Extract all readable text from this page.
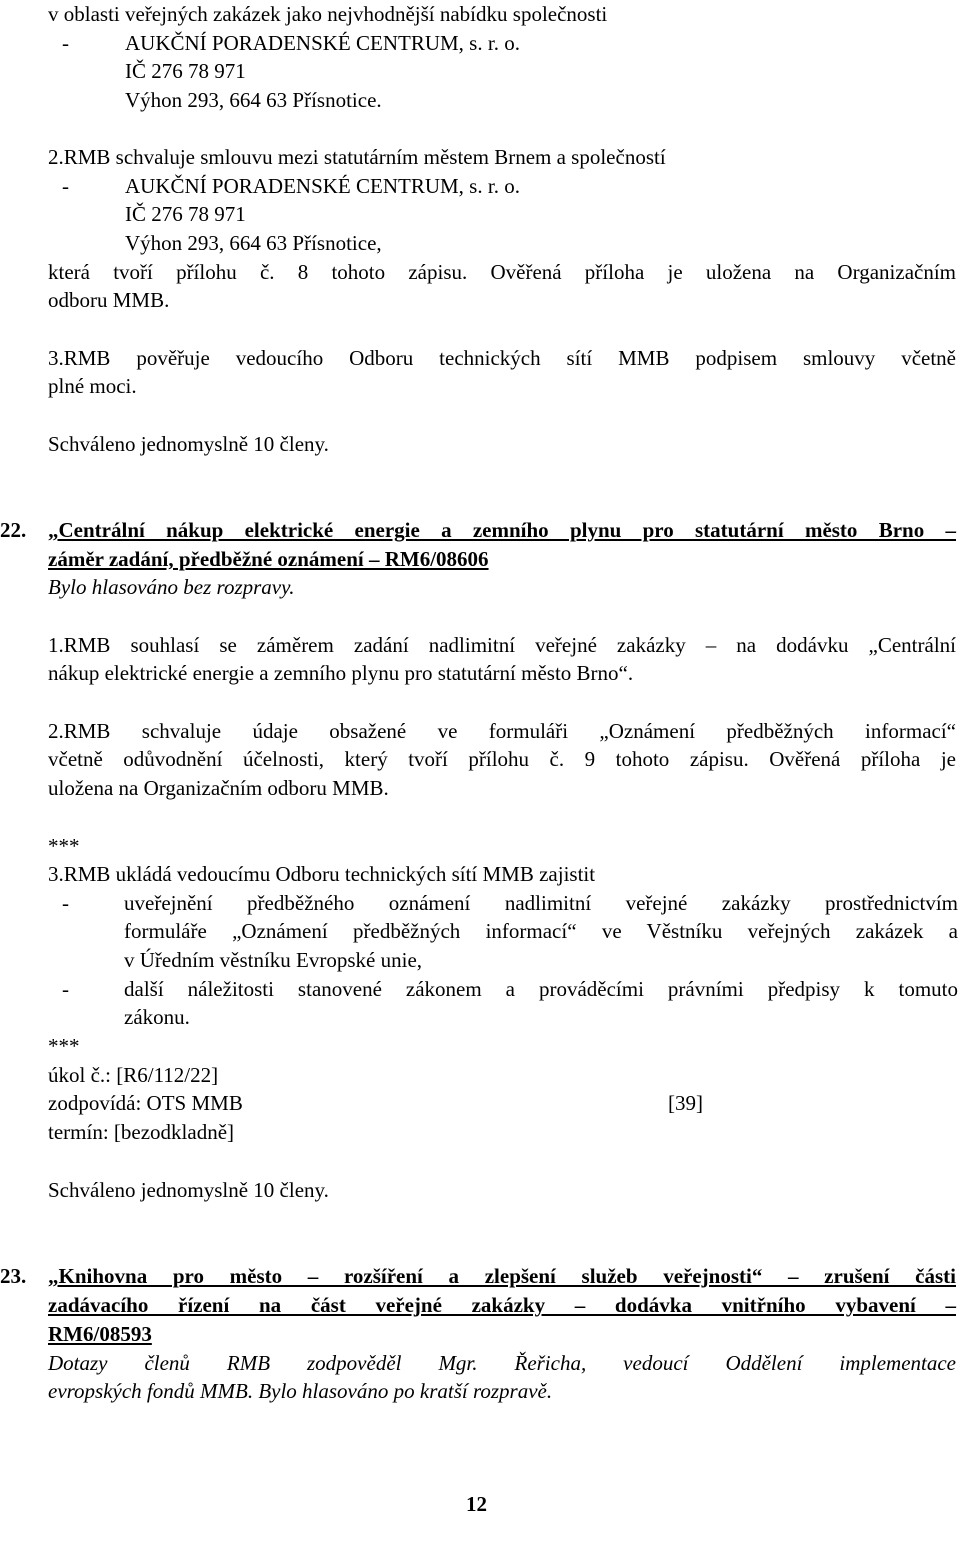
v oblasti veřejných zakázek jako nejvhodnější nabídku společnosti

-	AUKČNÍ PORADENSKÉ CENTRUM, s. r. o.

IČ 276 78 971

Výhon 293, 664 63 Přísnotice.

2.RMB schvaluje smlouvu mezi statutárním městem Brnem a společností

-	AUKČNÍ PORADENSKÉ CENTRUM, s. r. o.

IČ 276 78 971

Výhon 293, 664 63 Přísnotice,

která tvoří přílohu č. 8 tohoto zápisu. Ověřená příloha je uložena na Organizačním

odboru MMB.

3.RMB pověřuje vedoucího Odboru technických sítí MMB podpisem smlouvy včetně

plné moci.

Schváleno jednomyslně 10 členy.

22. „Centrální nákup elektrické energie a zemního plynu pro statutární město Brno –

záměr zadání, předběžné oznámení – RM6/08606

Bylo hlasováno bez rozpravy.

1.RMB souhlasí se záměrem zadání nadlimitní veřejné zakázky – na dodávku „Centrální

nákup elektrické energie a zemního plynu pro statutární město Brno“.

2.RMB schvaluje údaje obsažené ve formuláři „Oznámení předběžných informací“

včetně odůvodnění účelnosti, který tvoří přílohu č. 9 tohoto zápisu. Ověřená příloha je

uložena na Organizačním odboru MMB.

***

3.RMB ukládá vedoucímu Odboru technických sítí MMB zajistit

-	uveřejnění předběžného oznámení nadlimitní veřejné zakázky prostřednictvím

formuláře „Oznámení předběžných informací“ ve Věstníku veřejných zakázek a

v Úředním věstníku Evropské unie,

-	další náležitosti stanovené zákonem a prováděcími právními předpisy k tomuto

zákonu.

***

úkol č.: [R6/112/22]

zodpovídá: OTS MMB	[39]

termín: [bezodkladně]

Schváleno jednomyslně 10 členy.

23. „Knihovna pro město – rozšíření a zlepšení služeb veřejnosti“ – zrušení části

zadávacího řízení na část veřejné zakázky – dodávka vnitřního vybavení –

RM6/08593

Dotazy členů RMB zodpověděl Mgr. Řeřicha, vedoucí Oddělení implementace

evropských fondů MMB. Bylo hlasováno po kratší rozpravě.

12
